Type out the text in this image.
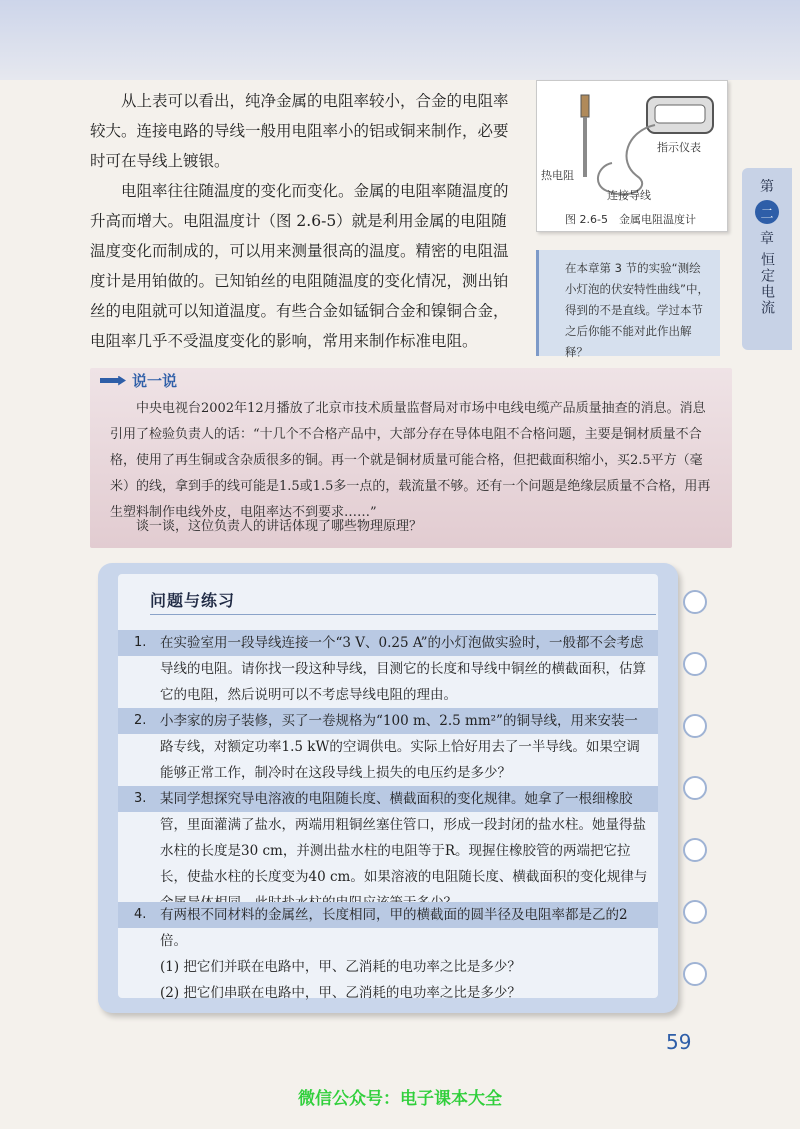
第
二
章
恒定电流

从上表可以看出，纯净金属的电阻率较小，合金的电阻率较大。连接电路的导线一般用电阻率小的铝或铜来制作，必要时可在导线上镀银。

电阻率往往随温度的变化而变化。金属的电阻率随温度的升高而增大。电阻温度计（图 2.6-5）就是利用金属的电阻随温度变化而制成的，可以用来测量很高的温度。精密的电阻温度计是用铂做的。已知铂丝的电阻随温度的变化情况，测出铂丝的电阻就可以知道温度。有些合金如锰铜合金和镍铜合金，电阻率几乎不受温度变化的影响，常用来制作标准电阻。

指示仪表
热电阻
连接导线
图 2.6-5　金属电阻温度计
在本章第 3 节的实验“测绘小灯泡的伏安特性曲线”中，得到的不是直线。学过本节之后你能不能对此作出解释？
说一说

中央电视台2002年12月播放了北京市技术质量监督局对市场中电线电缆产品质量抽查的消息。消息引用了检验负责人的话：“十几个不合格产品中，大部分存在导体电阻不合格问题，主要是铜材质量不合格，使用了再生铜或含杂质很多的铜。再一个就是铜材质量可能合格，但把截面积缩小，买2.5平方（毫米）的线，拿到手的线可能是1.5或1.5多一点的，载流量不够。还有一个问题是绝缘层质量不合格，用再生塑料制作电线外皮，电阻率达不到要求……”

谈一谈，这位负责人的讲话体现了哪些物理原理？

问题与练习
1. 在实验室用一段导线连接一个“3 V、0.25 A”的小灯泡做实验时，一般都不会考虑导线的电阻。请你找一段这种导线，目测它的长度和导线中铜丝的横截面积，估算它的电阻，然后说明可以不考虑导线电阻的理由。

2. 小李家的房子装修，买了一卷规格为“100 m、2.5 mm²”的铜导线，用来安装一路专线，对额定功率1.5 kW的空调供电。实际上恰好用去了一半导线。如果空调能够正常工作，制冷时在这段导线上损失的电压约是多少？

3. 某同学想探究导电溶液的电阻随长度、横截面积的变化规律。她拿了一根细橡胶管，里面灌满了盐水，两端用粗铜丝塞住管口，形成一段封闭的盐水柱。她量得盐水柱的长度是30 cm，并测出盐水柱的电阻等于R。现握住橡胶管的两端把它拉长，使盐水柱的长度变为40 cm。如果溶液的电阻随长度、横截面积的变化规律与

4. 有两根不同材料的金属丝，长度相同，甲的横截面的圆半径及电阻率都是乙的2倍。

(1) 把它们并联在电路中，甲、乙消耗的电功率之比是多少？

(2) 把它们串联在电路中，甲、乙消耗的电功率之比是多少？

59
微信公众号：电子课本大全
